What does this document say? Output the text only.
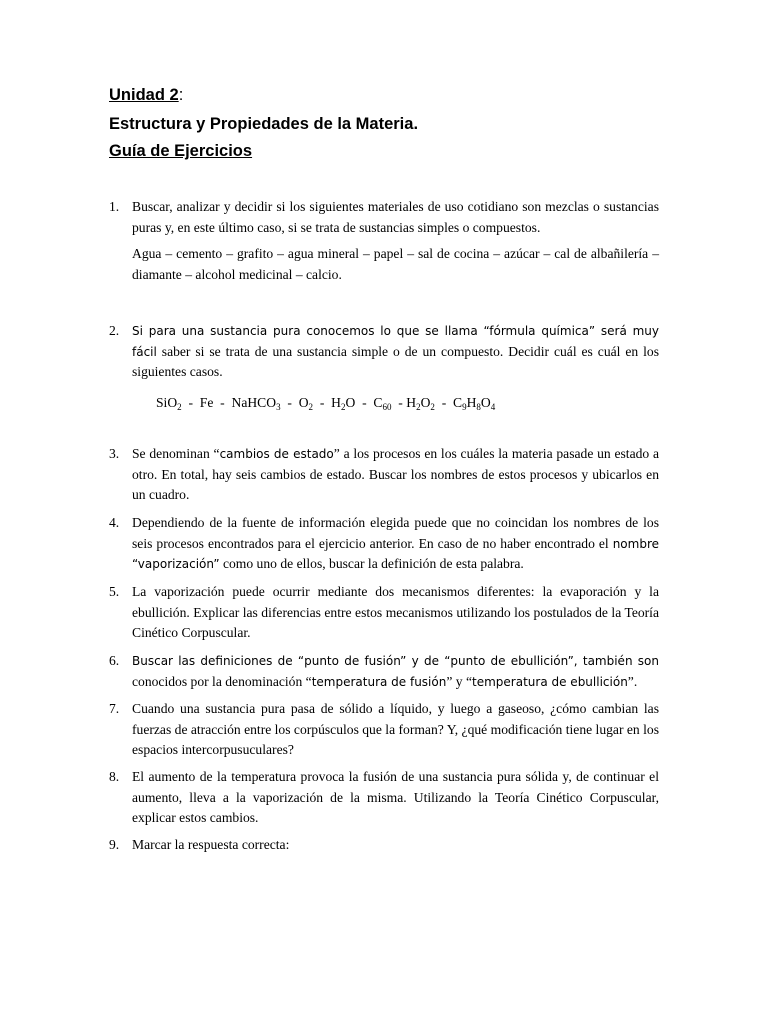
Unidad 2:
Estructura y Propiedades de la Materia.
Guía de Ejercicios
1. Buscar, analizar y decidir si los siguientes materiales de uso cotidiano son mezclas o sustancias puras y, en este último caso, si se trata de sustancias simples o compuestos.

Agua – cemento – grafito – agua mineral – papel – sal de cocina – azúcar – cal de albañilería – diamante – alcohol medicinal – calcio.

2.	Si para una sustancia pura conocemos lo que se llama “fórmula química” será muy fácil saber si se trata de una sustancia simple o de un compuesto. Decidir cuál es cuál en los siguientes casos.

SiO$_2$  -  Fe  -  NaHCO$_3$  -  $O_2 - H_2O - C_{60} - H_2O_2 - C_9H_8O_4$
3. Se denominan “cambios de estado” a los procesos en los cuáles la materia pasade un estado a otro. En total, hay seis cambios de estado. Buscar los nombres de estos procesos y ubicarlos en un cuadro.

4. Dependiendo de la fuente de información elegida puede que no coincidan los nombres de los seis procesos encontrados para el ejercicio anterior. En caso de no haber encontrado el nombre “vaporización” como uno de ellos, buscar la definición de esta palabra.

5. La vaporización puede ocurrir mediante dos mecanismos diferentes: la evaporación y la ebullición. Explicar las diferencias entre estos mecanismos utilizando los postulados de la Teoría Cinético Corpuscular.

6.	Buscar las definiciones de “punto de fusión” y de “punto de ebullición”, también son conocidos por la denominación “temperatura de fusión” y “temperatura de ebullición”.

7. Cuando una sustancia pura pasa de sólido a líquido, y luego a gaseoso, ¿cómo cambian las fuerzas de atracción entre los corpúsculos que la forman? Y, ¿qué modificación tiene lugar en los espacios intercorpusuculares?

8. El aumento de la temperatura provoca la fusión de una sustancia pura sólida y, de continuar el aumento, lleva a la vaporización de la misma. Utilizando la Teoría Cinético Corpuscular, explicar estos cambios.

9. Marcar la respuesta correcta:
